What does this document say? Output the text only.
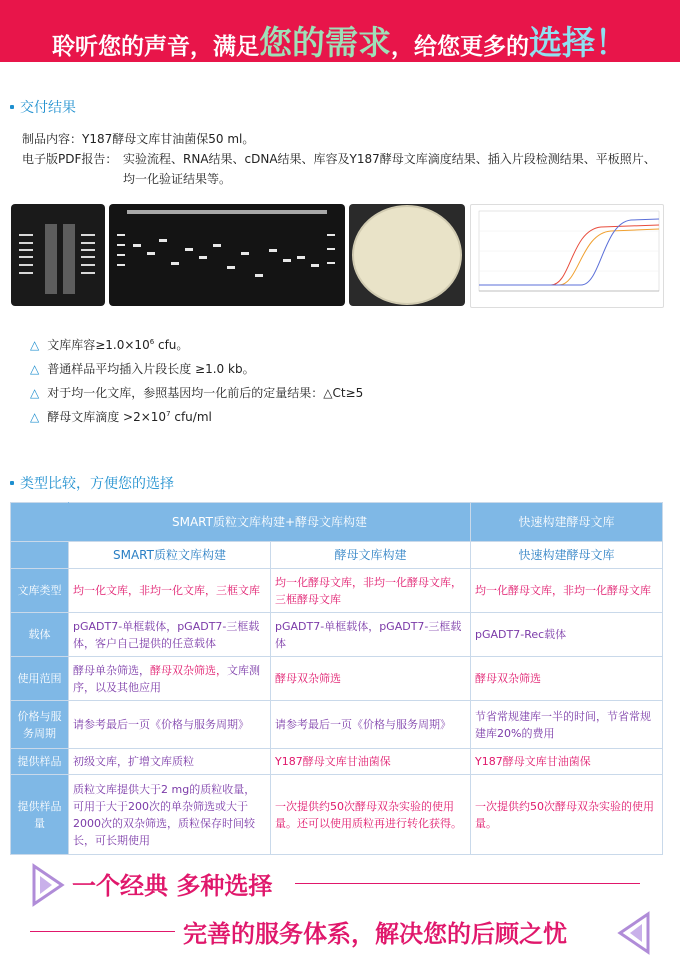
聆听您的声音，满足您的需求，给您更多的选择！
交付结果
制品内容：Y187酵母文库甘油菌保50 ml。
电子版PDF报告： 实验流程、RNA结果、cDNA结果、库容及Y187酵母文库滴度结果、插入片段检测结果、平板照片、均一化验证结果等。
△ 文库库容$\ge 1.0\times 10^6$ cfu。
△ 普通样品平均插入片段长度 ≥1.0 kb。
△ 对于均一化文库，参照基因均一化前后的定量结果：△Ct≥5
△ 酵母文库滴度 $>2\times 10^7$ cfu/ml
类型比较，方便您的选择
	SMART质粒文库构建+酵母文库构建		快速构建酵母文库
	SMART质粒文库构建	酵母文库构建	快速构建酵母文库
文库类型	均一化文库，非均一化文库，三框文库	均一化酵母文库，非均一化酵母文库，三框酵母文库	均一化酵母文库，非均一化酵母文库
载体	pGADT7-单框载体，pGADT7-三框载体，客户自己提供的任意载体	pGADT7-单框载体，pGADT7-三框载体	pGADT7-Rec载体
使用范围	酵母单杂筛选，酵母双杂筛选，文库测序，以及其他应用	酵母双杂筛选	酵母双杂筛选
价格与服务周期	请参考最后一页《价格与服务周期》	请参考最后一页《价格与服务周期》	节省常规建库一半的时间，节省常规建库20%的费用
提供样品	初级文库，扩增文库质粒	Y187酵母文库甘油菌保	Y187酵母文库甘油菌保
提供样品量	质粒文库提供大于2 mg的质粒收量，可用于大于200次的单杂筛选或大于2000次的双杂筛选，质粒保存时间较长，可长期使用	一次提供约50次酵母双杂实验的使用量。还可以使用质粒再进行转化获得。	一次提供约50次酵母双杂实验的使用量。
一个经典 多种选择
完善的服务体系，解决您的后顾之忧
